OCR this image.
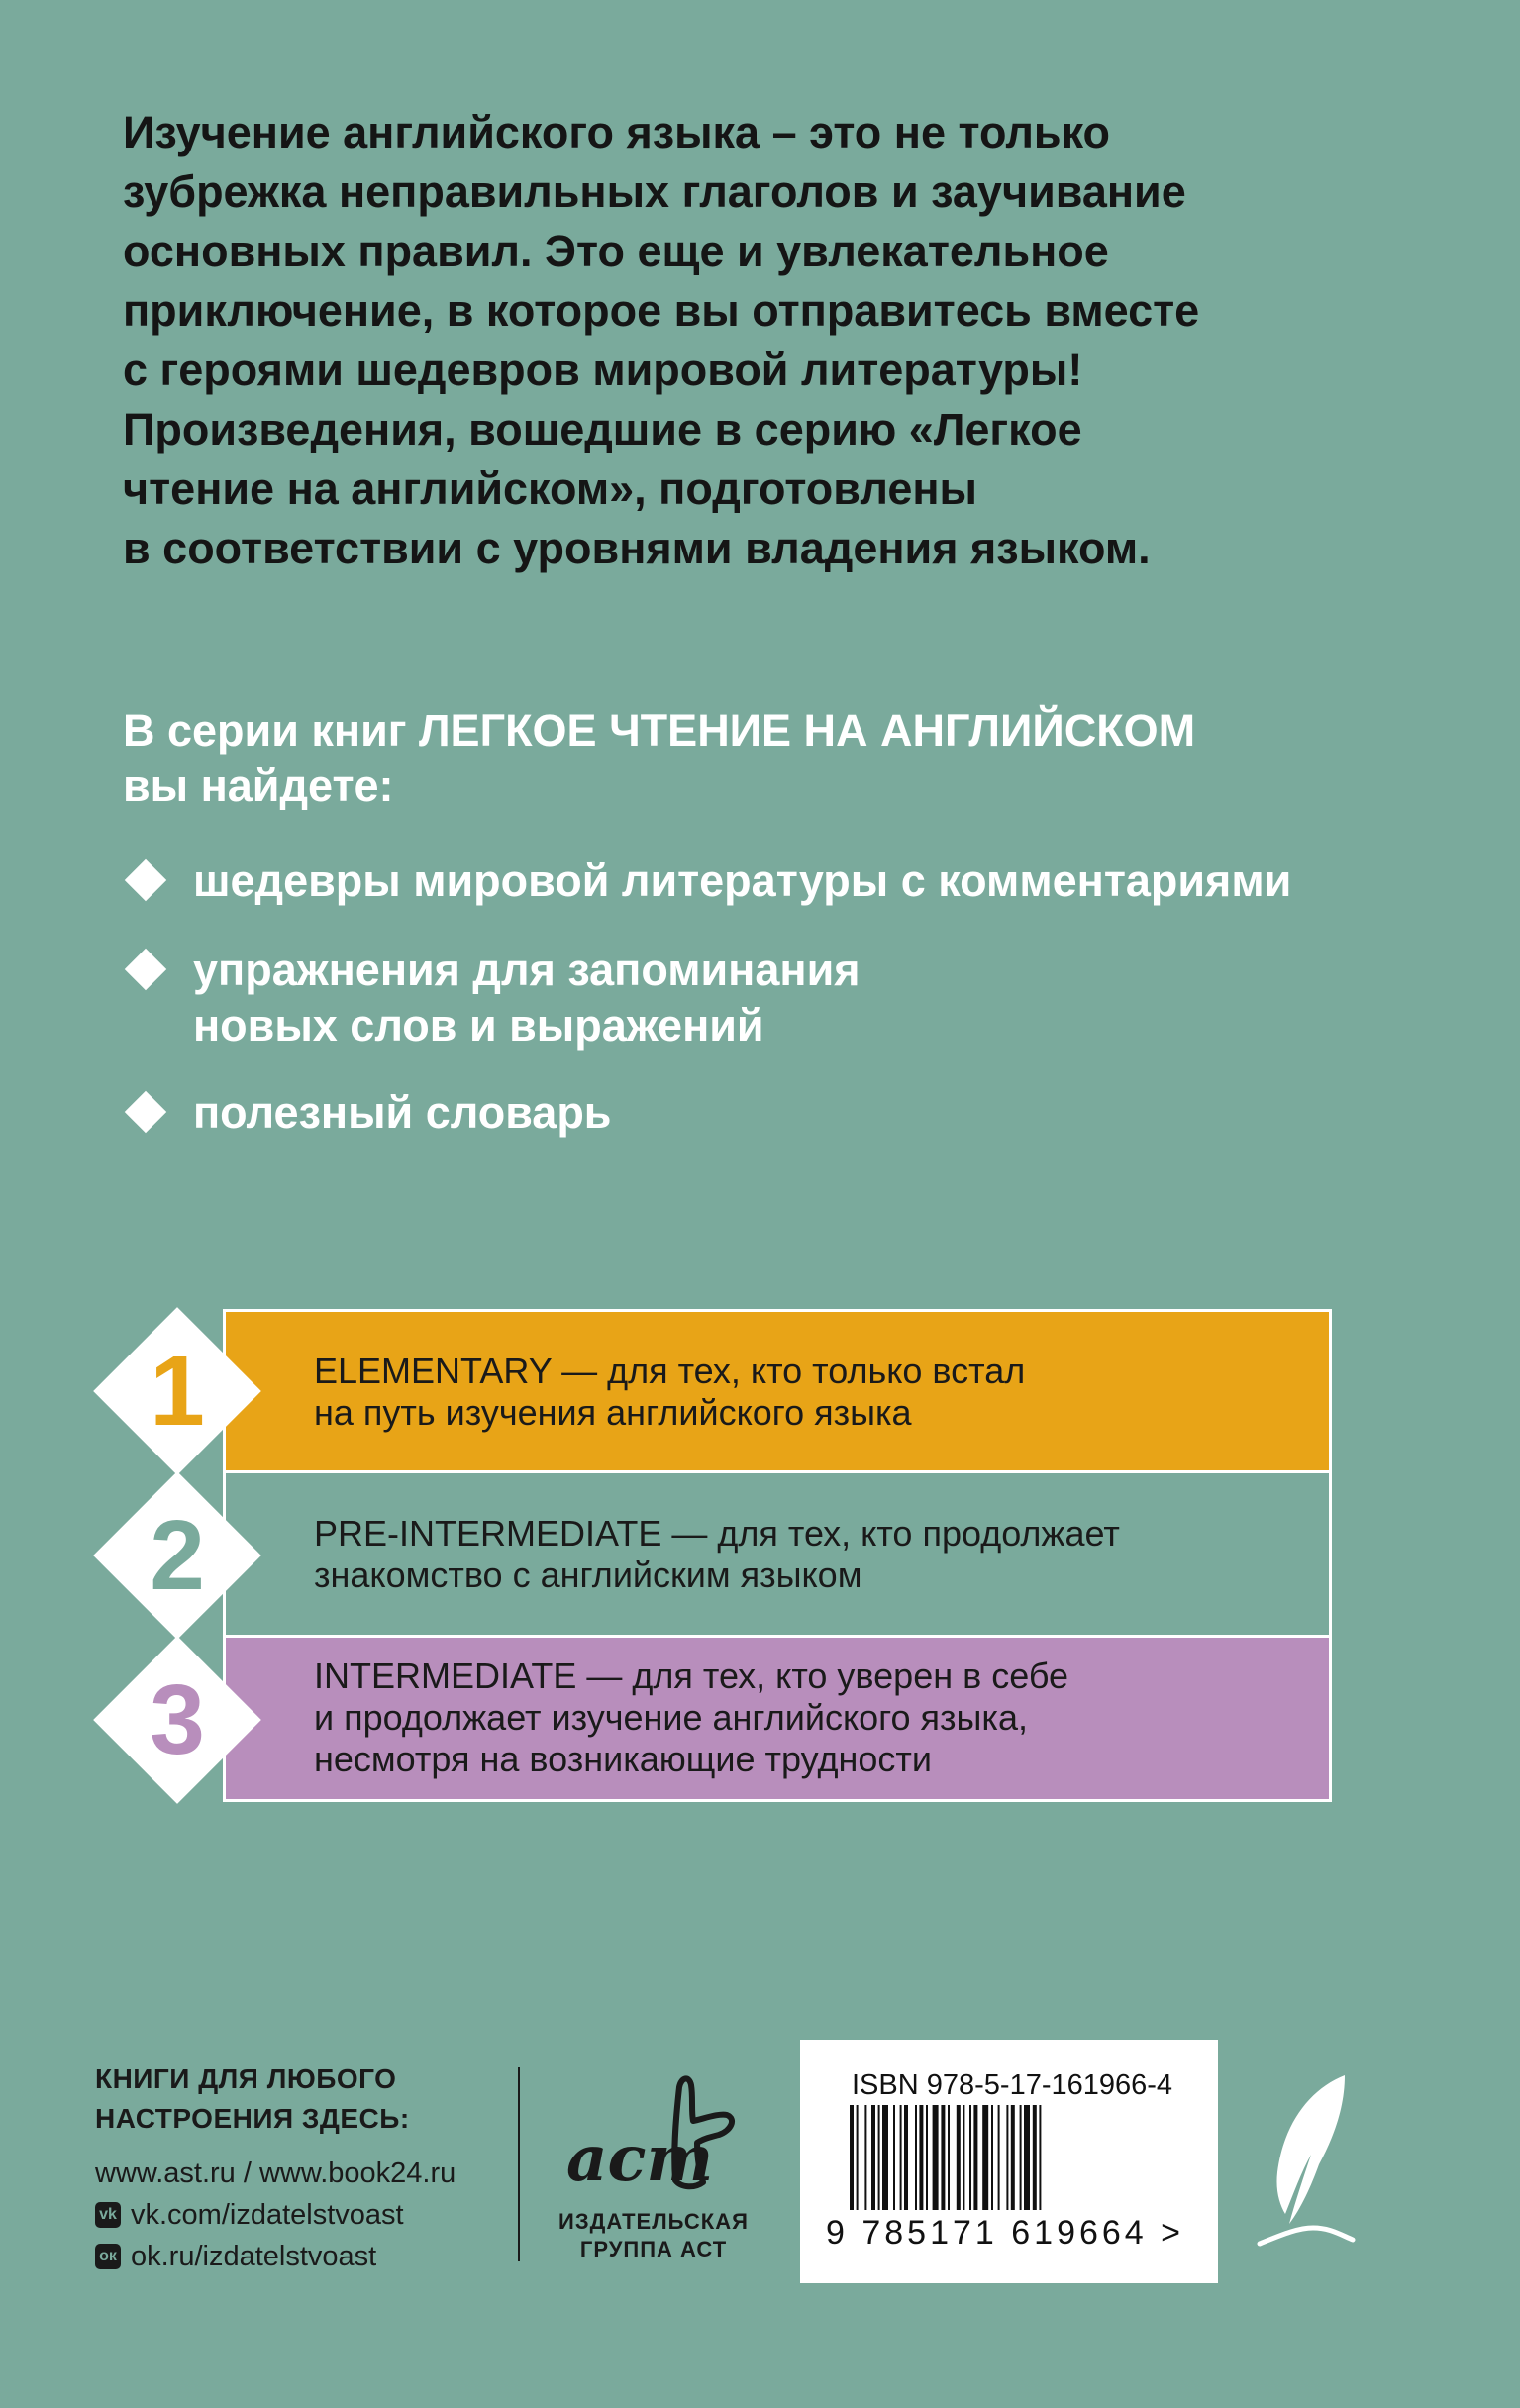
Изучение английского языка – это не только
зубрежка неправильных глаголов и заучивание
основных правил. Это еще и увлекательное
приключение, в которое вы отправитесь вместе
с героями шедевров мировой литературы!
Произведения, вошедшие в серию «Легкое
чтение на английском», подготовлены
в соответствии с уровнями владения языком.
В серии книг ЛЕГКОЕ ЧТЕНИЕ НА АНГЛИЙСКОМ
вы найдете:
шедевры мировой литературы с комментариями
упражнения для запоминания
новых слов и выражений
полезный словарь
1	ELEMENTARY — для тех, кто только встал
на путь изучения английского языка
2	PRE-INTERMEDIATE — для тех, кто продолжает
знакомство с английским языком
3	INTERMEDIATE — для тех, кто уверен в себе
и продолжает изучение английского языка,
несмотря на возникающие трудности
КНИГИ ДЛЯ ЛЮБОГО
НАСТРОЕНИЯ ЗДЕСЬ:
www.ast.ru / www.book24.ru
vk vk.com/izdatelstvoast
ок ok.ru/izdatelstvoast
аст
ИЗДАТЕЛЬСКАЯ
ГРУППА АСТ
ISBN 978-5-17-161966-4
9 785171 619664 >
